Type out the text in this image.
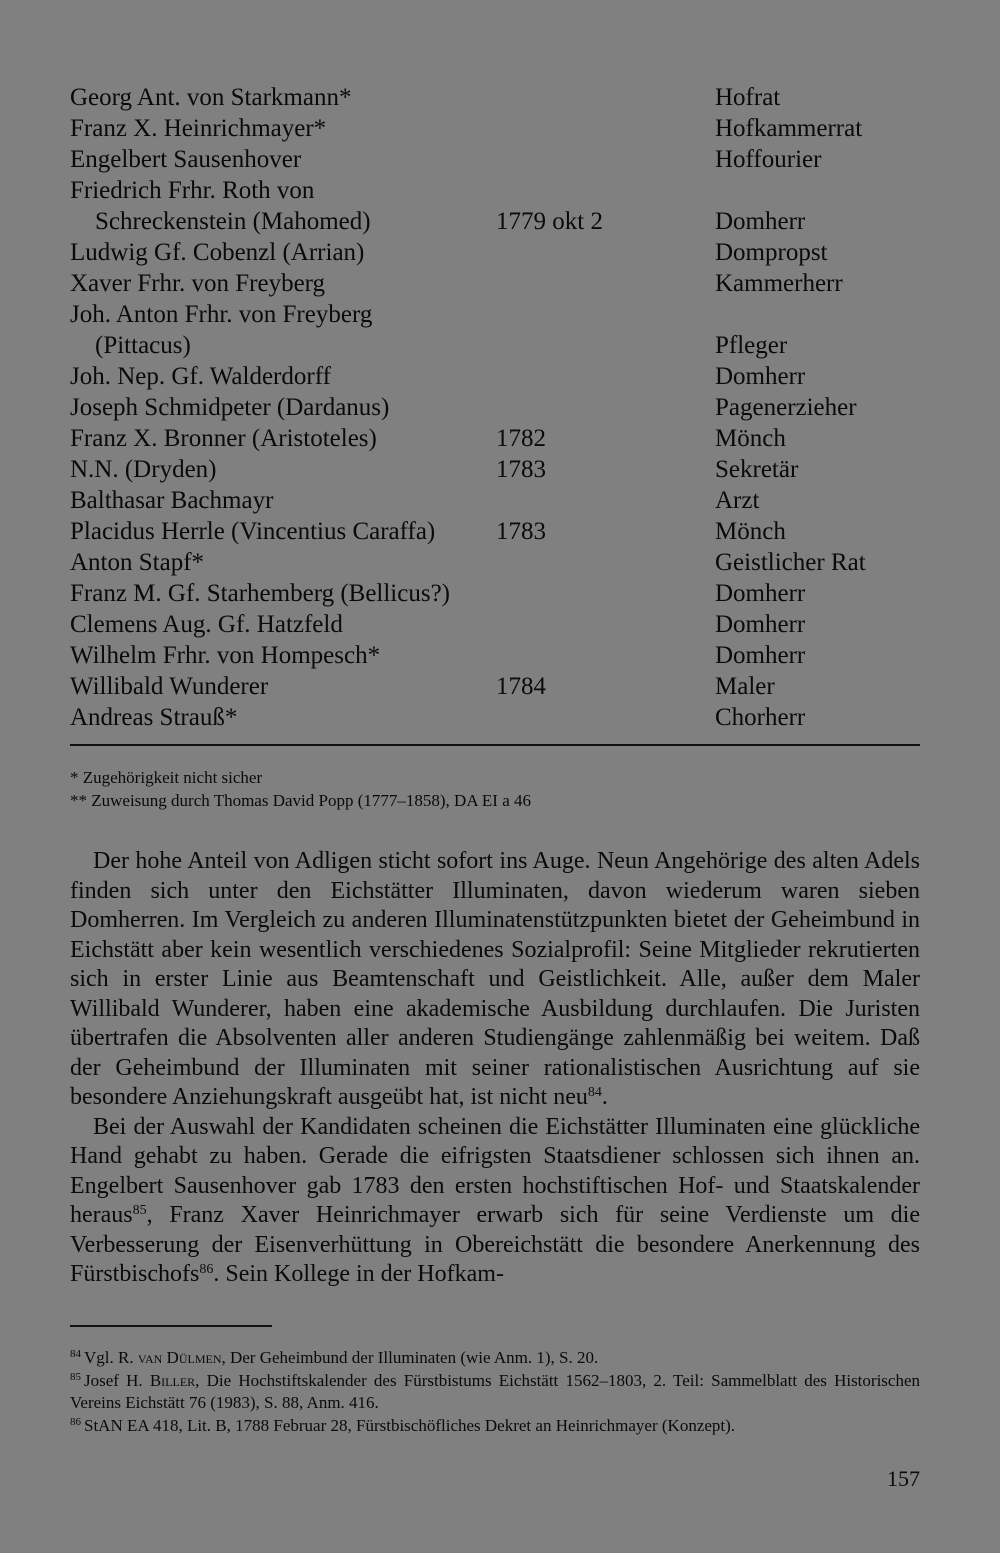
Georg Ant. von Starkmann*	Hofrat
Franz X. Heinrichmayer*	Hofkammerrat
Engelbert Sausenhover	Hoffourier
Friedrich Frhr. Roth von
Schreckenstein (Mahomed)	1779 okt 2	Domherr
Ludwig Gf. Cobenzl (Arrian)	Dompropst
Xaver Frhr. von Freyberg	Kammerherr
Joh. Anton Frhr. von Freyberg
(Pittacus)	Pfleger
Joh. Nep. Gf. Walderdorff	Domherr
Joseph Schmidpeter (Dardanus)	Pagenerzieher
Franz X. Bronner (Aristoteles)	1782	Mönch
N.N. (Dryden)	1783	Sekretär
Balthasar Bachmayr	Arzt
Placidus Herrle (Vincentius Caraffa) 1783	Mönch
Anton Stapf*	Geistlicher Rat
Franz M. Gf. Starhemberg (Bellicus?)	Domherr
Clemens Aug. Gf. Hatzfeld	Domherr
Wilhelm Frhr. von Hompesch*	Domherr
Willibald Wunderer	1784	Maler
Andreas Strauß*	Chorherr
* Zugehörigkeit nicht sicher
** Zuweisung durch Thomas David Popp (1777–1858), DA EI a 46

Der hohe Anteil von Adligen sticht sofort ins Auge. Neun Angehörige des alten Adels finden sich unter den Eichstätter Illuminaten, davon wiederum waren sieben Domherren. Im Vergleich zu anderen Illuminatenstützpunkten bietet der Geheimbund in Eichstätt aber kein wesentlich verschiedenes Sozialprofil: Seine Mitglieder rekrutierten sich in erster Linie aus Beamtenschaft und Geistlichkeit. Alle, außer dem Maler Willibald Wunderer, haben eine akademische Ausbildung durchlaufen. Die Juristen übertrafen die Absolventen aller anderen Studiengänge zahlenmäßig bei weitem. Daß der Geheimbund der Illuminaten mit seiner rationalistischen Ausrichtung auf sie besondere Anziehungskraft ausgeübt hat, ist nicht neu$^{84}$.

Bei der Auswahl der Kandidaten scheinen die Eichstätter Illuminaten eine glückliche Hand gehabt zu haben. Gerade die eifrigsten Staatsdiener schlossen sich ihnen an. Engelbert Sausenhover gab 1783 den ersten hochstiftischen Hof- und Staatskalender heraus$^{85}$, Franz Xaver Heinrichmayer erwarb sich für seine Verdienste um die Verbesserung der Eisenverhüttung in Obereichstätt die besondere Anerkennung des Fürstbischofs$^{86}$. Sein Kollege in der Hofkam-

$^{84}$ Vgl. R. van Dülmen, Der Geheimbund der Illuminaten (wie Anm. 1), S. 20.
$^{85}$ Josef H. Biller, Die Hochstiftskalender des Fürstbistums Eichstätt 1562–1803, 2. Teil: Sammelblatt des Historischen Vereins Eichstätt 76 (1983), S. 88, Anm. 416.
$^{86}$ StAN EA 418, Lit. B, 1788 Februar 28, Fürstbischöfliches Dekret an Heinrichmayer (Konzept).
157
